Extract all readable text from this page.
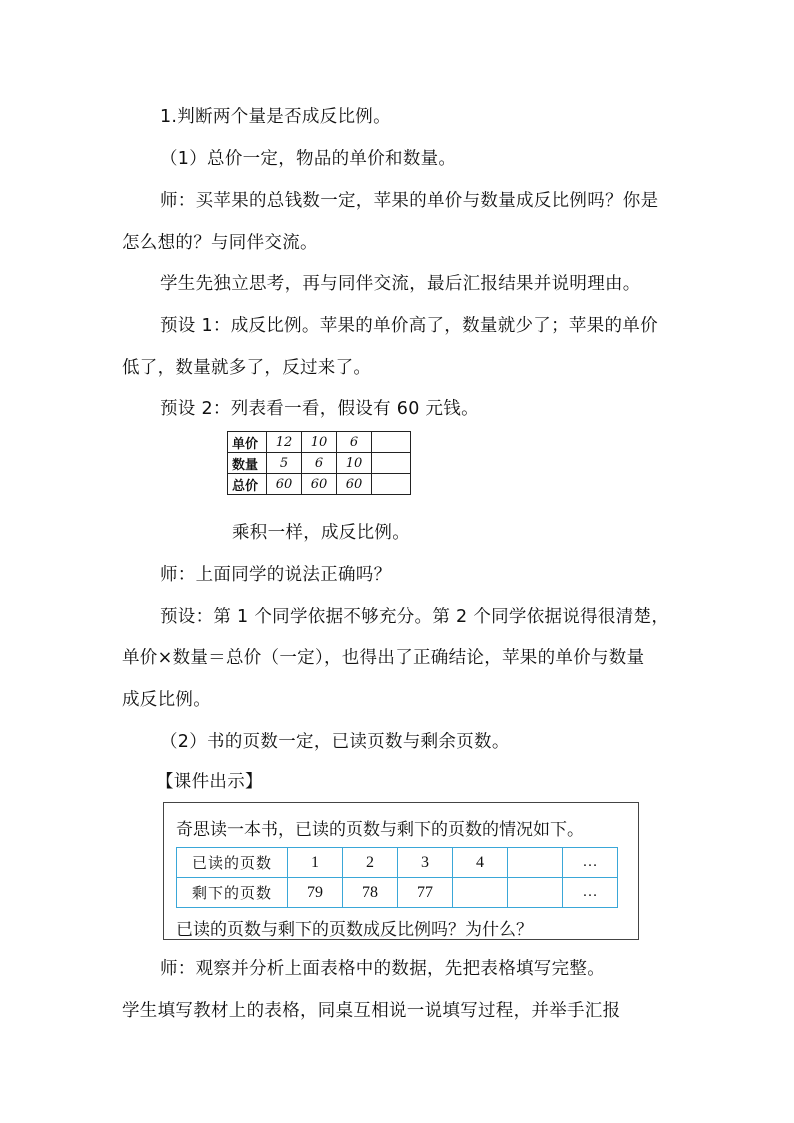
1.判断两个量是否成反比例。
（1）总价一定，物品的单价和数量。
师：买苹果的总钱数一定，苹果的单价与数量成反比例吗？你是
怎么想的？与同伴交流。
学生先独立思考，再与同伴交流，最后汇报结果并说明理由。
预设 1：成反比例。苹果的单价高了，数量就少了；苹果的单价
低了，数量就多了，反过来了。
预设 2：列表看一看，假设有 60 元钱。
单价	12	10	6	
数量	5	6	10	
总价	60	60	60	
乘积一样，成反比例。
师：上面同学的说法正确吗？
预设：第 1 个同学依据不够充分。第 2 个同学依据说得很清楚，
单价×数量＝总价（一定），也得出了正确结论，苹果的单价与数量
成反比例。
（2）书的页数一定，已读页数与剩余页数。
【课件出示】
奇思读一本书，已读的页数与剩下的页数的情况如下。
已读的页数	1	2	3	4		…
剩下的页数	79	78	77			…
已读的页数与剩下的页数成反比例吗？为什么？
师：观察并分析上面表格中的数据，先把表格填写完整。
学生填写教材上的表格，同桌互相说一说填写过程，并举手汇报
